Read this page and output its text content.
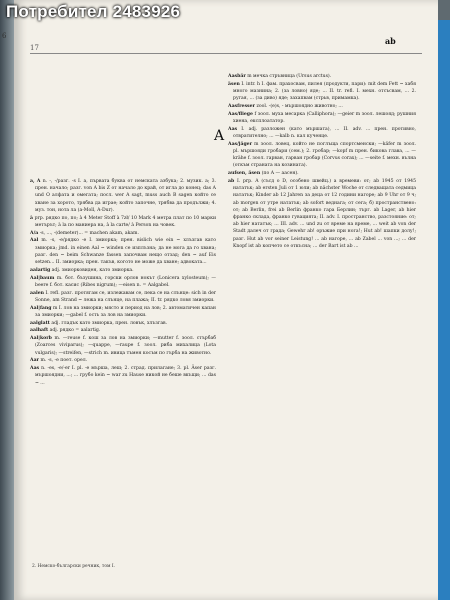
Потребител 2483926
6
17
ab
A

a, A n. -, -/разг. -s I. а, първата буква от немската азбука; 2. музик. а; 3. прен. начало; разг. von A bis Z от начало до край, от игла до конец; das A und O алфата и омегата; посл. wer A sagt, muss auch B sagen който се хване за хорото, трябва да играе; който започне, трябва да продължи; 4. муз. тон, нота ла (a-Moll, A-Dur).

à prp. рядко по, по; à 4 Meter Stoff à 7zł/ 10 Mark 4 метра плат по 10 марки метърът; à la по маниера на, à la carte/ à Person на човек.

A/a -s, ..., -(demeter)... = machen akam, akam.

Aal m. -s, -e/рядко -e I. змиорка; прен. віslich wie ein ~ хлъзгав като змиорка; jmd. in einen Aal ~ winden се изплъзна; да не мога да го хвана; разг. den ~ beim Schwanze fassen започвам нещо отзад; den ~ auf Eis setzen... II. змиорка; прен. такъв, когото не може да хване; адвоката...

aalartig adj. змиорковиден, като змиорка.

Aal|baum m. бот. бъзушина, горски орлов нокът (Lonicera xylosteum); —beere f. бот. касис (Ribes nigrum); —eisen n. = Aalgabel.

aalen I. refl. разг. протягам се, излежавам се, пека се на слънце: sich in der Sonne, am Strand ~ лежа на слънце, на плажа; II. tr. рядко ловя змиорки.

Aal|fang m I. лов на змиорки; място и период на лов; 2. автоматичен капан за змиорки; —gabel f. ость за лов на змиорки.

aalglatt adj. гладък като змиорка, прен. ловък, хлъзгав.

aalhaft adj. рядко = aalartig.

Aal|korb m. —reuse f. кош за лов на змиорки; —mutter f. зоол. стърбаб (Zoarces viviparus); —quappe, —raupe f. зоол. риба михалица (Lota vulgaris); —streifen, —strich m. ивица тъмен косъм по гърба на животно.

Aar m. -s, -e поет. орел.

Aas n. -es, -e/-er I. pl. -e мърша, леш; 2. страд. прилагане; 3. pl. Äser разг. мършоядни, ...; ... грубо kein ~ war zu Hause никой не беше вкъщи; ... das ~ ...

Aasbär m мечка стръвница (Ursus arctus).

äsen I. intr. h I. фам. прахосвам, пилея (продукти, пари): mit dem Fett ~ хабя много мазнина; 2. (за ловно) яде; ... II. tr. refl. I. мехн. отсъсвам, ... 2. ругая, ... (за диво) яде; захапвам (стрьв, примамка).

Aasfresser zool. -(e)s, - мършоядно животно; ...

Aas/fliege f зоол. муха месарка (Calliphora); —geier m зоол. лешояд; рушния хиена, експлоататор.

Aas I. adj. разложен (като мършата), ... II. adv. ... прен. противно, отвратително; ... —kalb n. кал кученце.

Aas/jäger m зоол. ловец, който не поглъща спортсменски; —käfer m зоол. pl. мършояди гробари (сем.); 2. гробар; —kopf m прен. бикова глава, ... —krähe f. зоол. гарван, гарван гробар (Corvus corax); ... —seite f. мехн. вълна (откъм страната на козината).

aufsen, äsen (по A — аасен).

ab I. prp. A (съсд о D, особено швейц.) а времеви: от; ab 1945 от 1945 нататък; ab ersten Juli от 1 юли; ab nächster Woche от следващата седмица нататък; Kinder ab 12 Jahren за деца от 12 години нагоре; ab 9 Uhr от 9 ч; ab morgen от утре нататък; ab sofort веднага; от сега; б) пространствено: от; ab Berlin, frei ab Berlin франко гара Берлин; търг. ab Lager, ab hier франко склада, франко гувацията; II. adv. I. пространство, разстояние: от; ab hier нататък; ... III. adv. ... und zu от време на време, ... weit ab von der Stadt далеч от града; Gewehr ab! оръжие при нога!; Hut ab! шапки долу!; разг. Hut ab vor seiner Leistung! ... ab нагоре, ... ab Zabel ... von ...; ... der Knopf ist ab копчето се откъсна; ... der Bart ist ab ...

2. Немско-български речник, том I.
